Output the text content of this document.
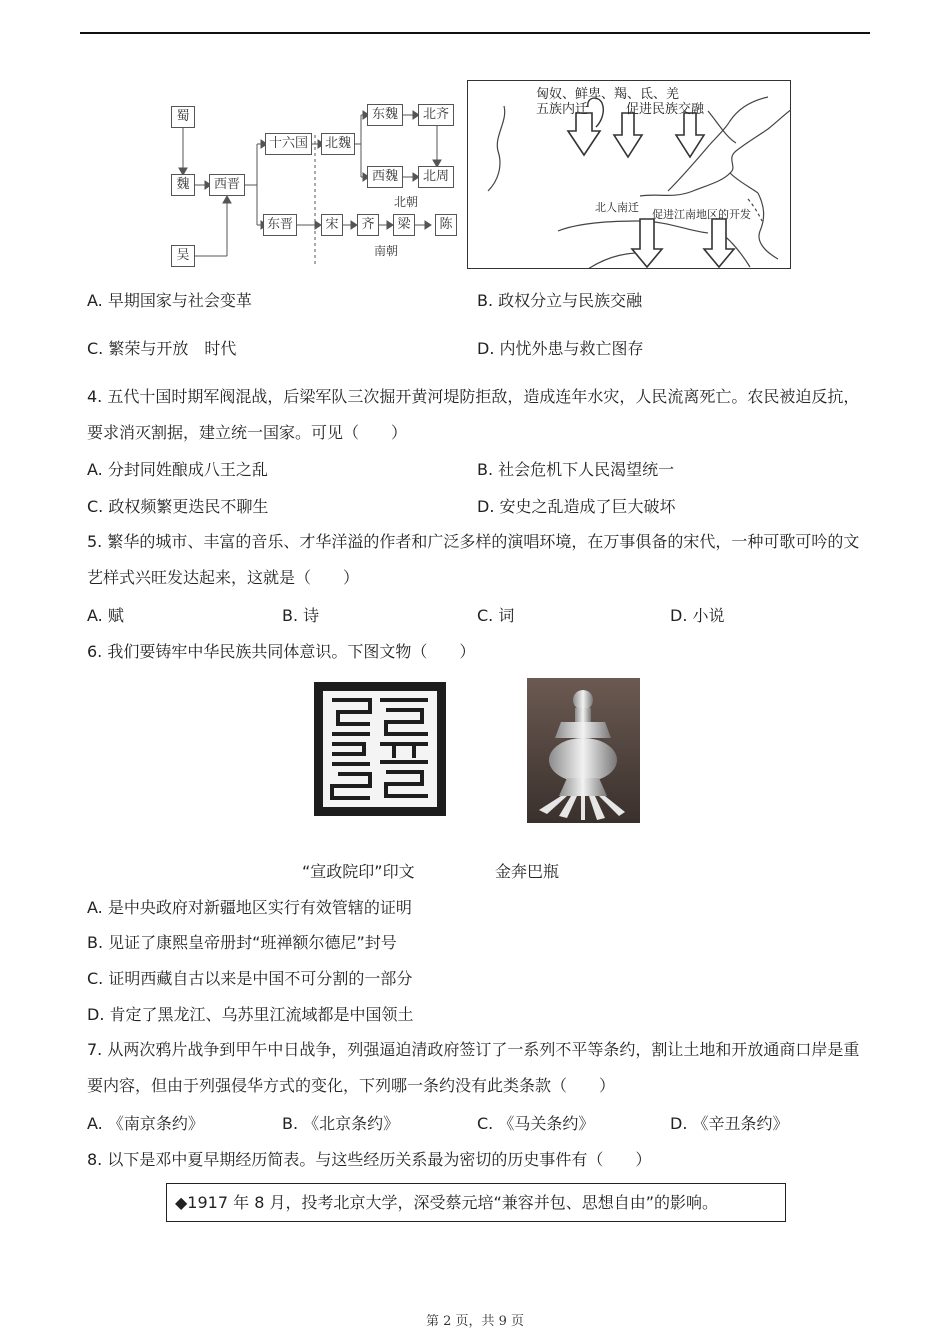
蜀
魏
吴
西晋
十六国	北魏
东魏
西魏
北齐
北周
北朝
东晋	宋	齐	梁	陈
南朝
匈奴、鲜卑、羯、氐、羌
五族内迁	促进民族交融
北人南迁
促进江南地区的开发
A. 早期国家与社会变革	B. 政权分立与民族交融
C. 繁荣与开放　时代	D. 内忧外患与救亡图存
4. 五代十国时期军阀混战，后梁军队三次掘开黄河堤防拒敌，造成连年水灾，人民流离死亡。农民被迫反抗，要求消灭割据，建立统一国家。可见（　　）
A. 分封同姓酿成八王之乱	B. 社会危机下人民渴望统一
C. 政权频繁更迭民不聊生	D. 安史之乱造成了巨大破坏
5. 繁华的城市、丰富的音乐、才华洋溢的作者和广泛多样的演唱环境，在万事俱备的宋代，一种可歌可吟的文艺样式兴旺发达起来，这就是（　　）
A. 赋	B. 诗	C. 词	D. 小说
6. 我们要铸牢中华民族共同体意识。下图文物（　　）
“宣政院印”印文	金奔巴瓶
A. 是中央政府对新疆地区实行有效管辖的证明
B. 见证了康熙皇帝册封“班禅额尔德尼”封号
C. 证明西藏自古以来是中国不可分割的一部分
D. 肯定了黑龙江、乌苏里江流域都是中国领土
7. 从两次鸦片战争到甲午中日战争，列强逼迫清政府签订了一系列不平等条约，割让土地和开放通商口岸是重要内容，但由于列强侵华方式的变化，下列哪一条约没有此类条款（　　）
A. 《南京条约》	B. 《北京条约》	C. 《马关条约》	D. 《辛丑条约》
8. 以下是邓中夏早期经历简表。与这些经历关系最为密切的历史事件有（　　）
◆1917 年 8 月，投考北京大学，深受蔡元培“兼容并包、思想自由”的影响。
第 2 页，共 9 页
